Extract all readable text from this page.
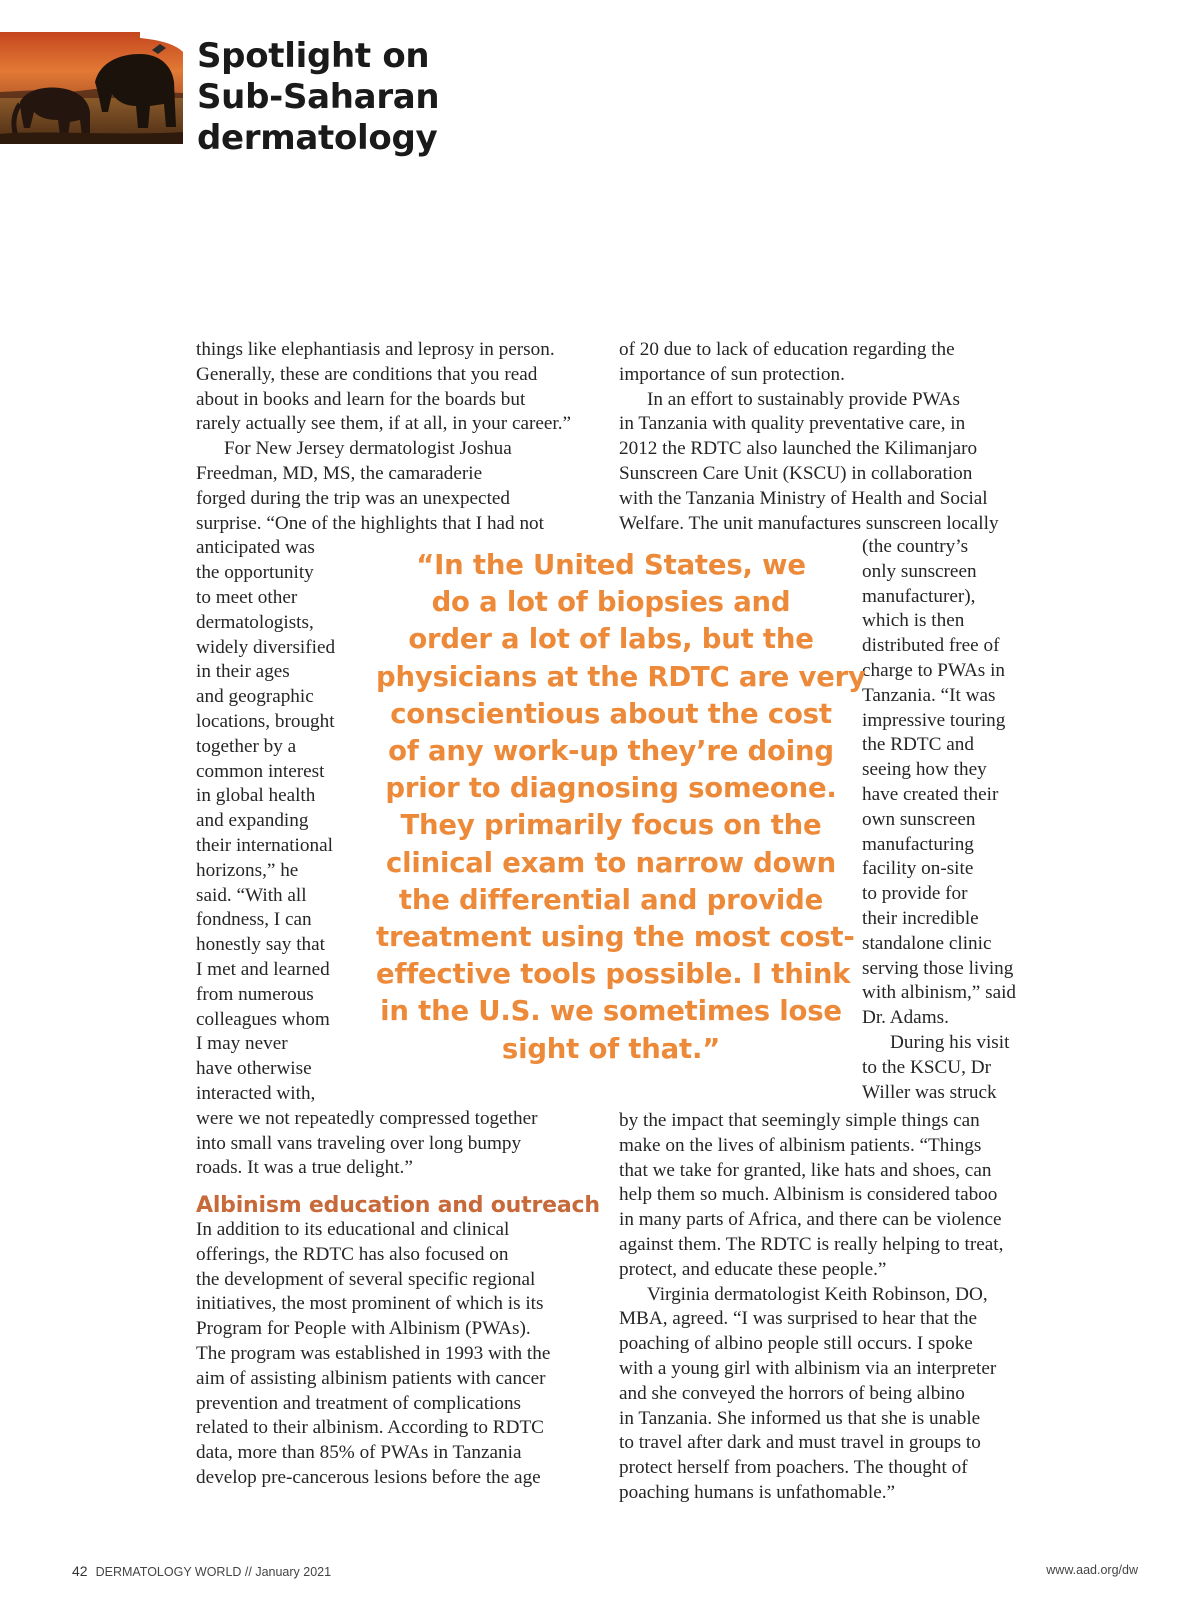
Spotlight on
Sub-Saharan
dermatology
things like elephantiasis and leprosy in person.
Generally, these are conditions that you read
about in books and learn for the boards but
rarely actually see them, if at all, in your career.”
For New Jersey dermatologist Joshua
Freedman, MD, MS, the camaraderie
forged during the trip was an unexpected
surprise. “One of the highlights that I had not
anticipated was
the opportunity
to meet other
dermatologists,
widely diversified
in their ages
and geographic
locations, brought
together by a
common interest
in global health
and expanding
their international
horizons,” he
said. “With all
fondness, I can
honestly say that
I met and learned
from numerous
colleagues whom
I may never
have otherwise
interacted with,
were we not repeatedly compressed together
into small vans traveling over long bumpy
roads. It was a true delight.”
Albinism education and outreach
In addition to its educational and clinical
offerings, the RDTC has also focused on
the development of several specific regional
initiatives, the most prominent of which is its
Program for People with Albinism (PWAs).
The program was established in 1993 with the
aim of assisting albinism patients with cancer
prevention and treatment of complications
related to their albinism. According to RDTC
data, more than 85% of PWAs in Tanzania
develop pre-cancerous lesions before the age
of 20 due to lack of education regarding the
importance of sun protection.
In an effort to sustainably provide PWAs
in Tanzania with quality preventative care, in
2012 the RDTC also launched the Kilimanjaro
Sunscreen Care Unit (KSCU) in collaboration
with the Tanzania Ministry of Health and Social
Welfare. The unit manufactures sunscreen locally
(the country’s
only sunscreen
manufacturer),
which is then
distributed free of
charge to PWAs in
Tanzania. “It was
impressive touring
the RDTC and
seeing how they
have created their
own sunscreen
manufacturing
facility on-site
to provide for
their incredible
standalone clinic
serving those living
with albinism,” said
Dr. Adams.
During his visit
to the KSCU, Dr
Willer was struck
by the impact that seemingly simple things can
make on the lives of albinism patients. “Things
that we take for granted, like hats and shoes, can
help them so much. Albinism is considered taboo
in many parts of Africa, and there can be violence
against them. The RDTC is really helping to treat,
protect, and educate these people.”
Virginia dermatologist Keith Robinson, DO,
MBA, agreed. “I was surprised to hear that the
poaching of albino people still occurs. I spoke
with a young girl with albinism via an interpreter
and she conveyed the horrors of being albino
in Tanzania. She informed us that she is unable
to travel after dark and must travel in groups to
protect herself from poachers. The thought of
poaching humans is unfathomable.”
“In the United States, we
do a lot of biopsies and
order a lot of labs, but the
physicians at the RDTC are very
conscientious about the cost
of any work-up they’re doing
prior to diagnosing someone.
They primarily focus on the
clinical exam to narrow down
the differential and provide
treatment using the most cost-
effective tools possible. I think
in the U.S. we sometimes lose
sight of that.”
42 DERMATOLOGY WORLD // January 2021	www.aad.org/dw
